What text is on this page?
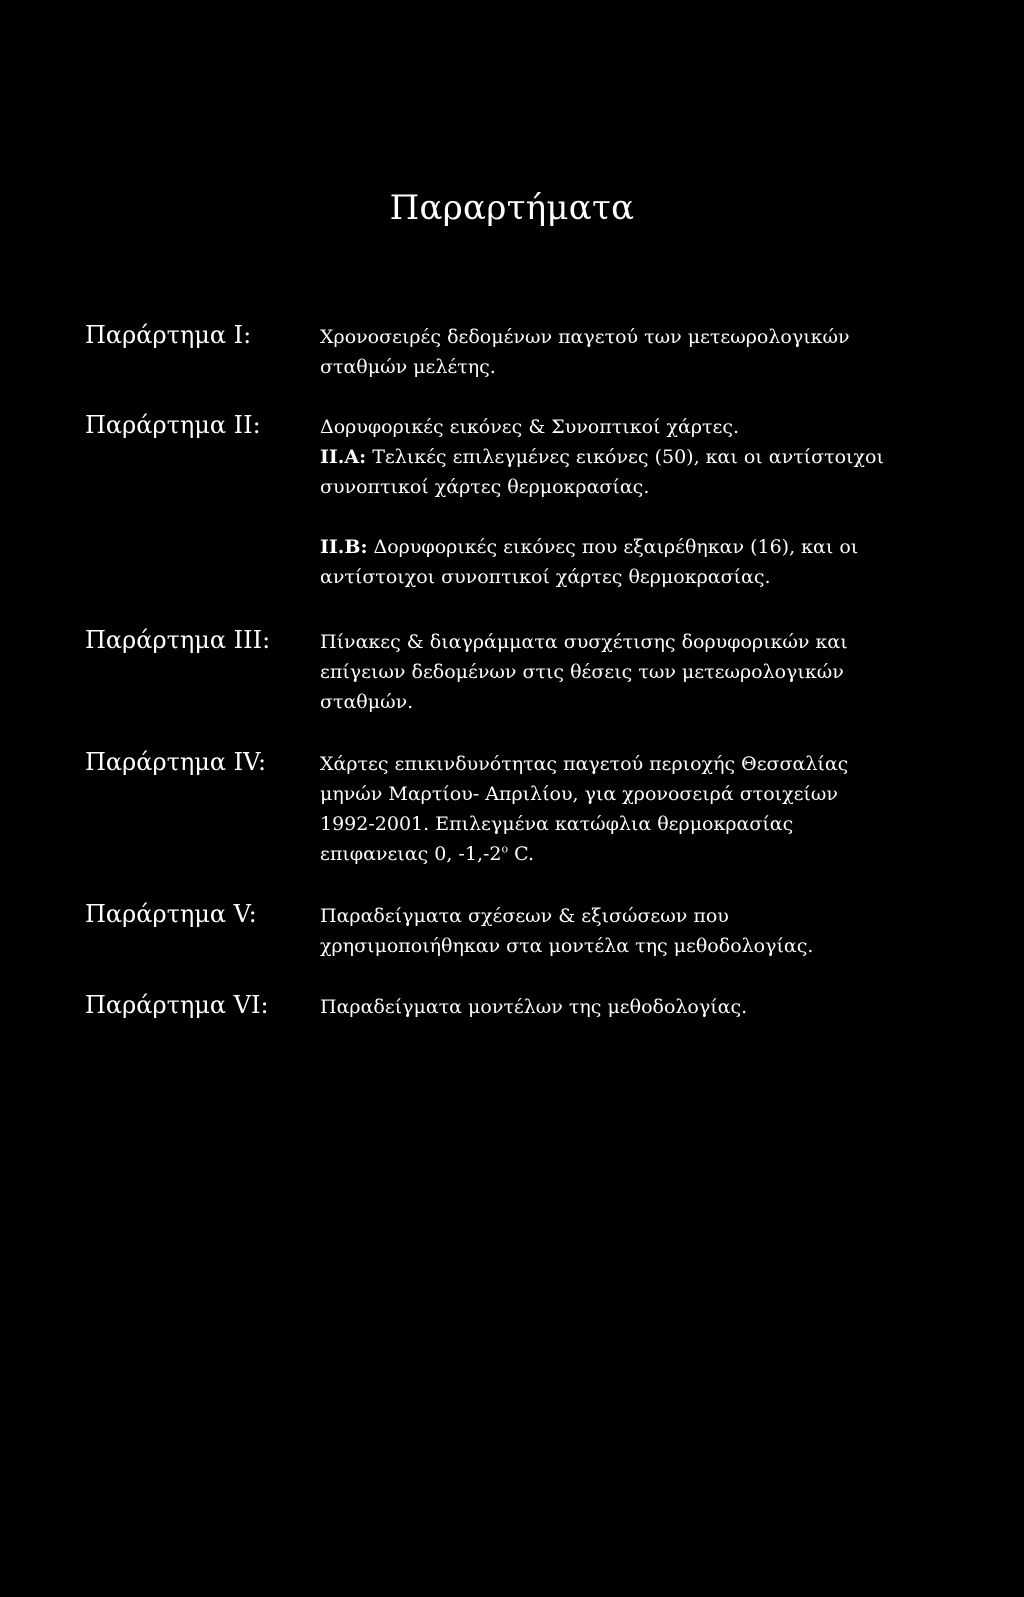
Παραρτήματα
Παράρτημα Ι:	Χρονοσειρές δεδομένων παγετού των μετεωρολογικών
σταθμών μελέτης.
Παράρτημα ΙΙ:	Δορυφορικές εικόνες & Συνοπτικοί χάρτες.
ΙΙ.Α: Τελικές επιλεγμένες εικόνες (50), και οι αντίστοιχοι
συνοπτικοί χάρτες θερμοκρασίας.
ΙΙ.Β: Δορυφορικές εικόνες που εξαιρέθηκαν (16), και οι
αντίστοιχοι συνοπτικοί χάρτες θερμοκρασίας.
Παράρτημα ΙΙΙ:	Πίνακες & διαγράμματα συσχέτισης δορυφορικών και
επίγειων δεδομένων στις θέσεις των μετεωρολογικών
σταθμών.
Παράρτημα IV:	Χάρτες επικινδυνότητας παγετού περιοχής Θεσσαλίας
μηνών Μαρτίου- Απριλίου, για χρονοσειρά στοιχείων
1992-2001. Επιλεγμένα κατώφλια θερμοκρασίας
επιφανειας 0, $-1,-2^o$ C.
Παράρτημα V:	Παραδείγματα σχέσεων & εξισώσεων που
χρησιμοποιήθηκαν στα μοντέλα της μεθοδολογίας.
Παράρτημα VI:	Παραδείγματα μοντέλων της μεθοδολογίας.
